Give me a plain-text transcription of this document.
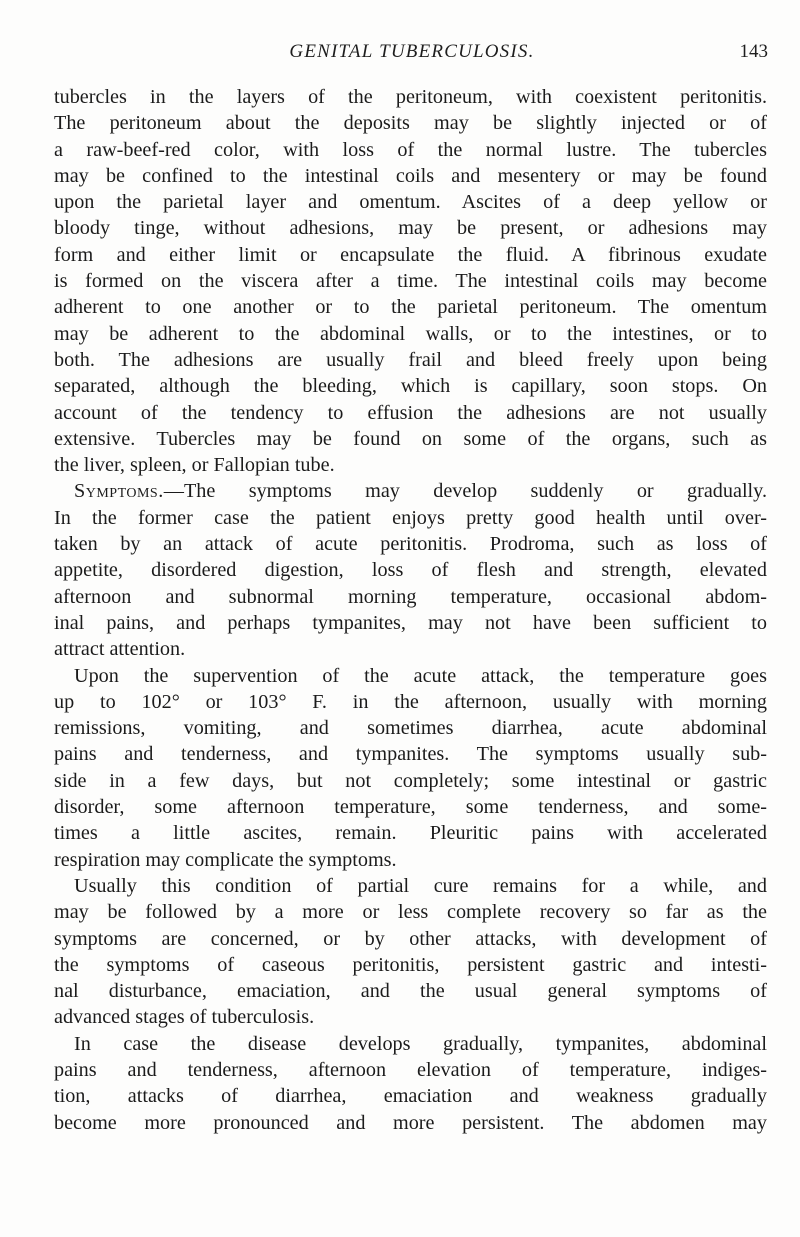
GENITAL TUBERCULOSIS.	143
tubercles in the layers of the peritoneum, with coexistent peritonitis.
The peritoneum about the deposits may be slightly injected or of
a raw-beef-red color, with loss of the normal lustre. The tubercles
may be confined to the intestinal coils and mesentery or may be found
upon the parietal layer and omentum. Ascites of a deep yellow or
bloody tinge, without adhesions, may be present, or adhesions may
form and either limit or encapsulate the fluid. A fibrinous exudate
is formed on the viscera after a time. The intestinal coils may become
adherent to one another or to the parietal peritoneum. The omentum
may be adherent to the abdominal walls, or to the intestines, or to
both. The adhesions are usually frail and bleed freely upon being
separated, although the bleeding, which is capillary, soon stops. On
account of the tendency to effusion the adhesions are not usually
extensive. Tubercles may be found on some of the organs, such as
the liver, spleen, or Fallopian tube.
Symptoms.—The symptoms may develop suddenly or gradually.
In the former case the patient enjoys pretty good health until over-
taken by an attack of acute peritonitis. Prodroma, such as loss of
appetite, disordered digestion, loss of flesh and strength, elevated
afternoon and subnormal morning temperature, occasional abdom-
inal pains, and perhaps tympanites, may not have been sufficient to
attract attention.
Upon the supervention of the acute attack, the temperature goes
up to 102° or 103° F. in the afternoon, usually with morning
remissions, vomiting, and sometimes diarrhea, acute abdominal
pains and tenderness, and tympanites. The symptoms usually sub-
side in a few days, but not completely; some intestinal or gastric
disorder, some afternoon temperature, some tenderness, and some-
times a little ascites, remain. Pleuritic pains with accelerated
respiration may complicate the symptoms.
Usually this condition of partial cure remains for a while, and
may be followed by a more or less complete recovery so far as the
symptoms are concerned, or by other attacks, with development of
the symptoms of caseous peritonitis, persistent gastric and intesti-
nal disturbance, emaciation, and the usual general symptoms of
advanced stages of tuberculosis.
In case the disease develops gradually, tympanites, abdominal
pains and tenderness, afternoon elevation of temperature, indiges-
tion, attacks of diarrhea, emaciation and weakness gradually
become more pronounced and more persistent. The abdomen may
